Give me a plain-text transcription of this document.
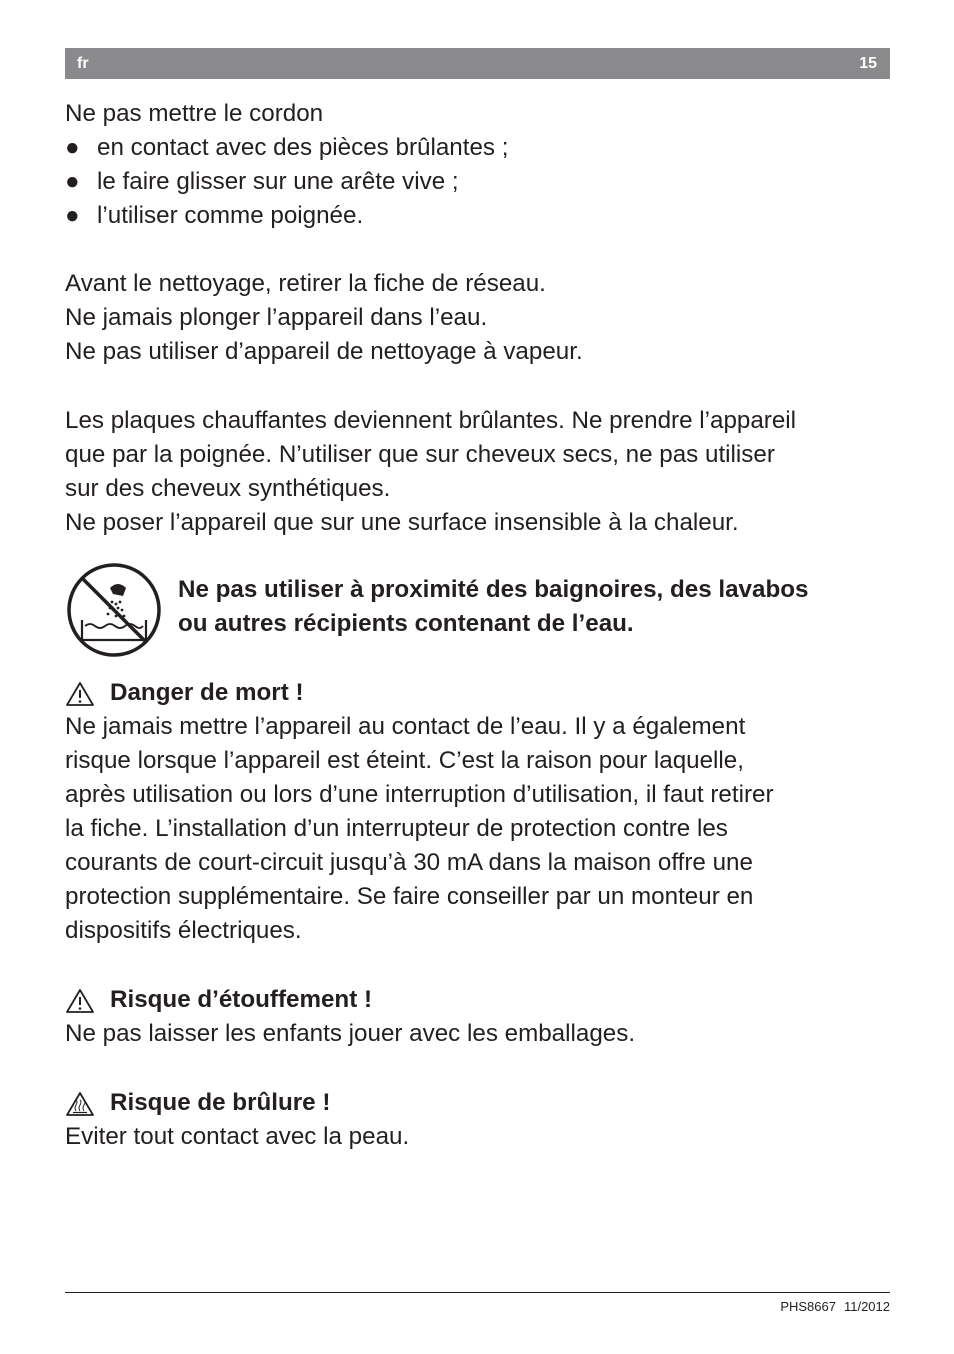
fr	15
Ne pas mettre le cordon
● en contact avec des pièces brûlantes ;
● le faire glisser sur une arête vive ;
● l’utiliser comme poignée.

Avant le nettoyage, retirer la fiche de réseau.

Ne jamais plonger l’appareil dans l’eau.

Ne pas utiliser d’appareil de nettoyage à vapeur.

Les plaques chauffantes deviennent brûlantes. Ne prendre l’appareil

que par la poignée. N’utiliser que sur cheveux secs, ne pas utiliser

sur des cheveux synthétiques.

Ne poser l’appareil que sur une surface insensible à la chaleur.

Ne pas utiliser à proximité des baignoires, des lavabos

ou autres récipients contenant de l’eau.

Danger de mort !

Ne jamais mettre l’appareil au contact de l’eau. Il y a également

risque lorsque l’appareil est éteint. C’est la raison pour laquelle,

après utilisation ou lors d’une interruption d’utilisation, il faut retirer

la fiche. L’installation d’un interrupteur de protection contre les

courants de court-circuit jusqu’à 30 mA dans la maison offre une

protection supplémentaire. Se faire conseiller par un monteur en

dispositifs électriques.

Risque d’étouffement !
Ne pas laisser les enfants jouer avec les emballages.
Risque de brûlure !
Eviter tout contact avec la peau.
PHS8667 11/2012
